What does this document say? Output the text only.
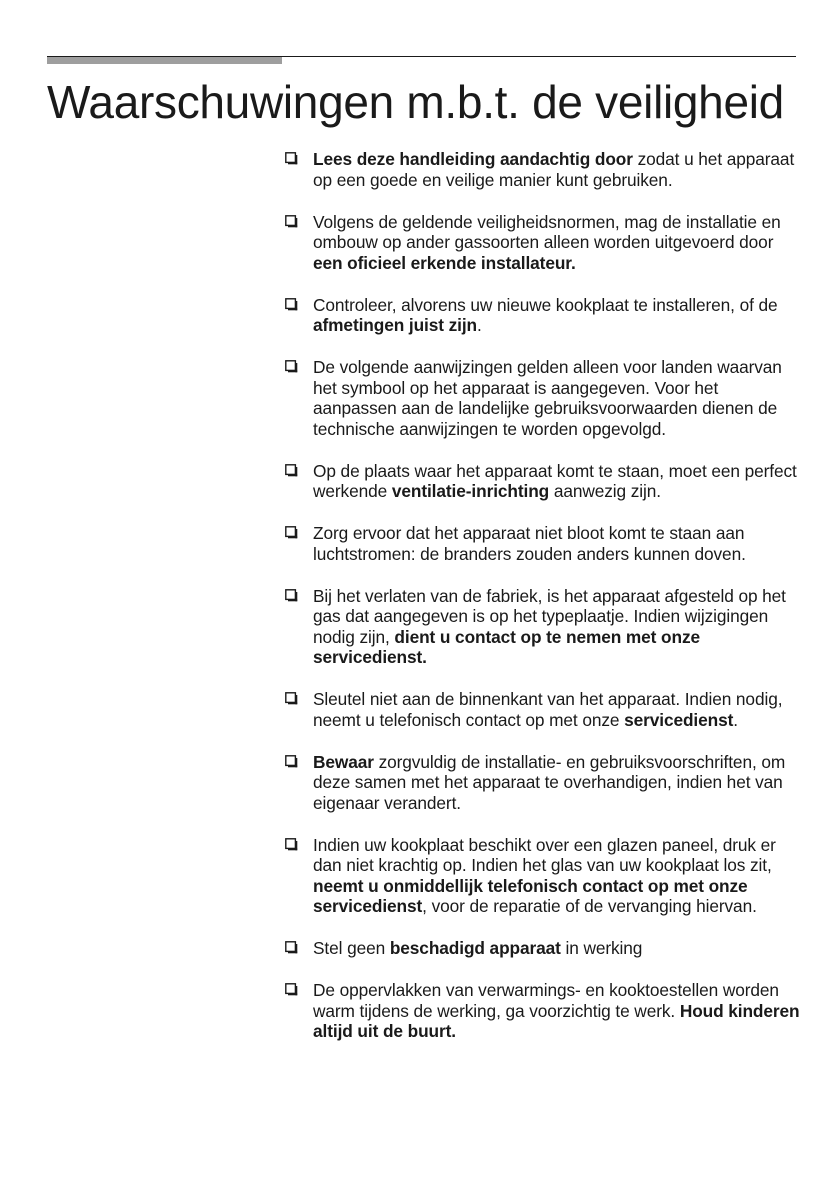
Waarschuwingen m.b.t. de veiligheid
Lees deze handleiding aandachtig door zodat u het apparaat op een goede en veilige manier kunt gebruiken.
Volgens de geldende veiligheidsnormen, mag de installatie en ombouw op ander gassoorten alleen worden uitgevoerd door een oficieel erkende installateur.
Controleer, alvorens uw nieuwe kookplaat te installeren, of de afmetingen juist zijn.
De volgende aanwijzingen gelden alleen voor landen waarvan het symbool op het apparaat is aangegeven. Voor het aanpassen aan de landelijke gebruiksvoorwaarden dienen de technische aanwijzingen te worden opgevolgd.
Op de plaats waar het apparaat komt te staan, moet een perfect werkende ventilatie-inrichting aanwezig zijn.
Zorg ervoor dat het apparaat niet bloot komt te staan aan luchtstromen: de branders zouden anders kunnen doven.
Bij het verlaten van de fabriek, is het apparaat afgesteld op het gas dat aangegeven is op het typeplaatje. Indien wijzigingen nodig zijn, dient u contact op te nemen met onze servicedienst.
Sleutel niet aan de binnenkant van het apparaat. Indien nodig, neemt u telefonisch contact op met onze servicedienst.
Bewaar zorgvuldig de installatie- en gebruiksvoorschriften, om deze samen met het apparaat te overhandigen, indien het van eigenaar verandert.
Indien uw kookplaat beschikt over een glazen paneel, druk er dan niet krachtig op. Indien het glas van uw kookplaat los zit, neemt u onmiddellijk telefonisch contact op met onze servicedienst, voor de reparatie of de vervanging hiervan.
Stel geen beschadigd apparaat in werking
De oppervlakken van verwarmings- en kooktoestellen worden warm tijdens de werking, ga voorzichtig te werk. Houd kinderen altijd uit de buurt.
